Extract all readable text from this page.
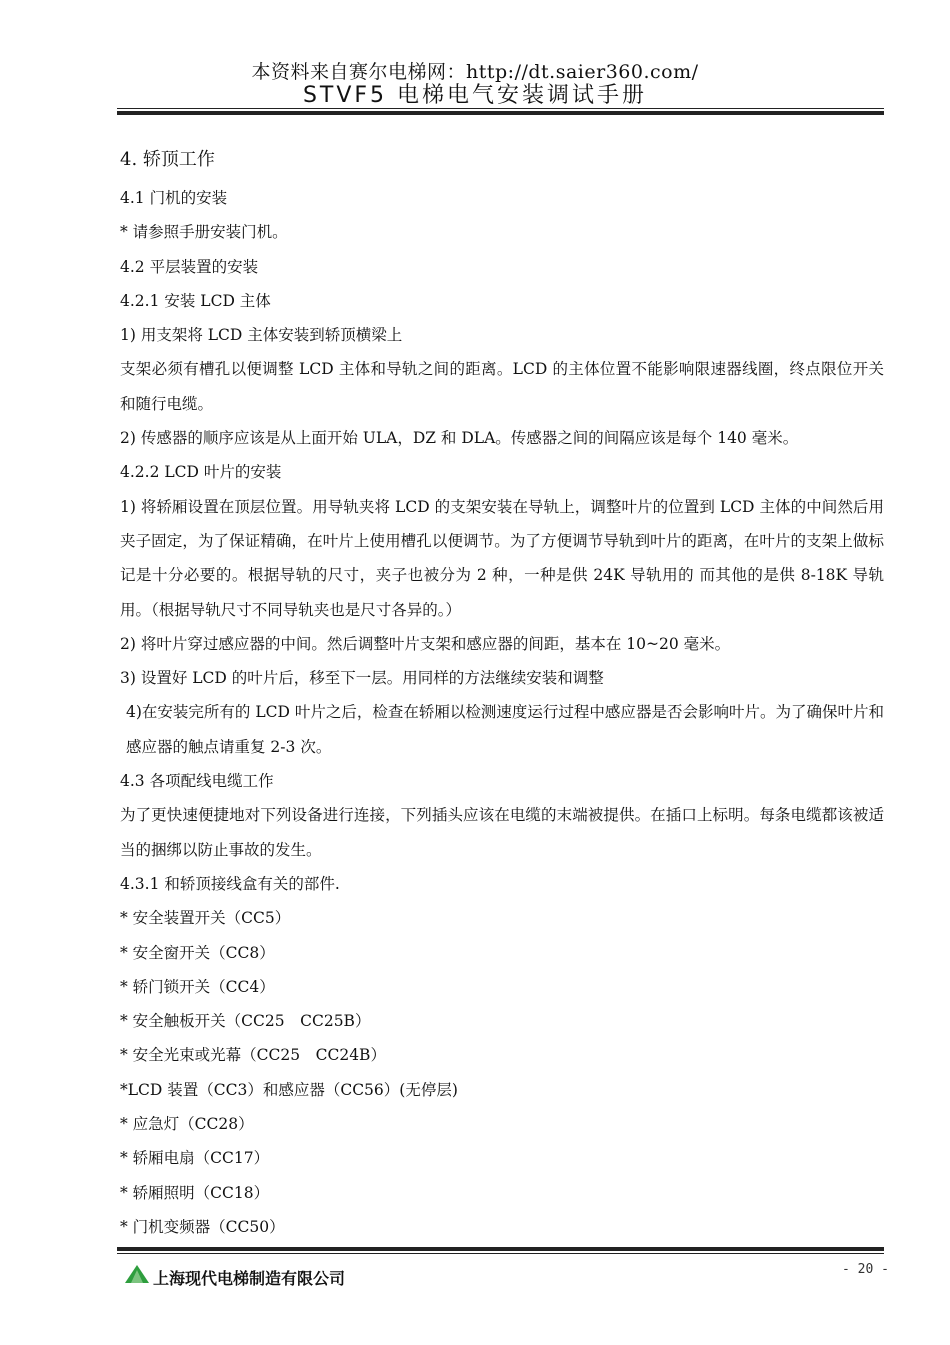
本资料来自赛尔电梯网：http://dt.saier360.com/
STVF5 电梯电气安装调试手册
4. 轿顶工作
4.1 门机的安装
* 请参照手册安装门机。
4.2 平层装置的安装
4.2.1 安装 LCD 主体
1) 用支架将 LCD 主体安装到轿顶横梁上
支架必须有槽孔以便调整 LCD 主体和导轨之间的距离。LCD 的主体位置不能影响限速器线圈，终点限位开关和随行电缆。
2) 传感器的顺序应该是从上面开始 ULA，DZ 和 DLA。传感器之间的间隔应该是每个 140 毫米。
4.2.2 LCD 叶片的安装
1) 将轿厢设置在顶层位置。用导轨夹将 LCD 的支架安装在导轨上，调整叶片的位置到 LCD 主体的中间然后用夹子固定，为了保证精确，在叶片上使用槽孔以便调节。为了方便调节导轨到叶片的距离，在叶片的支架上做标记是十分必要的。根据导轨的尺寸，夹子也被分为 2 种，一种是供 24K 导轨用的 而其他的是供 8-18K 导轨用。（根据导轨尺寸不同导轨夹也是尺寸各异的。）
2) 将叶片穿过感应器的中间。然后调整叶片支架和感应器的间距，基本在 10~20 毫米。
3) 设置好 LCD 的叶片后，移至下一层。用同样的方法继续安装和调整
4)在安装完所有的 LCD 叶片之后，检查在轿厢以检测速度运行过程中感应器是否会影响叶片。为了确保叶片和感应器的触点请重复 2-3 次。
4.3 各项配线电缆工作
为了更快速便捷地对下列设备进行连接，下列插头应该在电缆的末端被提供。在插口上标明。每条电缆都该被适当的捆绑以防止事故的发生。
4.3.1 和轿顶接线盒有关的部件.
* 安全装置开关（CC5）
* 安全窗开关（CC8）
* 轿门锁开关（CC4）
* 安全触板开关（CC25　CC25B）
* 安全光束或光幕（CC25　CC24B）
*LCD 装置（CC3）和感应器（CC56）(无停层)
* 应急灯（CC28）
* 轿厢电扇（CC17）
* 轿厢照明（CC18）
* 门机变频器（CC50）
上海现代电梯制造有限公司	- 20 -
